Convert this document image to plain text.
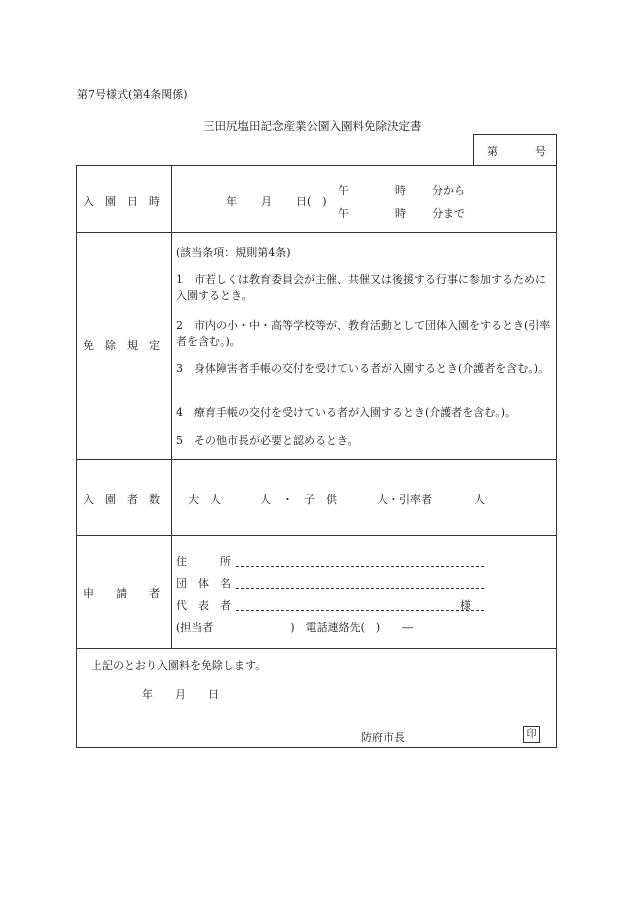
第7号様式(第4条関係)
三田尻塩田記念産業公園入園料免除決定書
第	号
入　園　日　時	年 月 日(　)
午	時 分から
午	時 分まで
免　除　規　定
(該当条項：規則第4条)
1　市若しくは教育委員会が主催、共催又は後援する行事に参加するために入園するとき。
2　市内の小・中・高等学校等が、教育活動として団体入園をするとき(引率者を含む。)。
3　身体障害者手帳の交付を受けている者が入園するとき(介護者を含む。)。
4　療育手帳の交付を受けている者が入園するとき(介護者を含む。)。
5　その他市長が必要と認めるとき。
入　園　者　数	大　人	人　・　子　供	人・引率者	人
申　　請　　者
住　　　所
団　体　名
代　表　者	様
(担当者　　　　　　　)　電話連絡先(　)　　―
上記のとおり入園料を免除します。
年　　月　　日
防府市長	印
